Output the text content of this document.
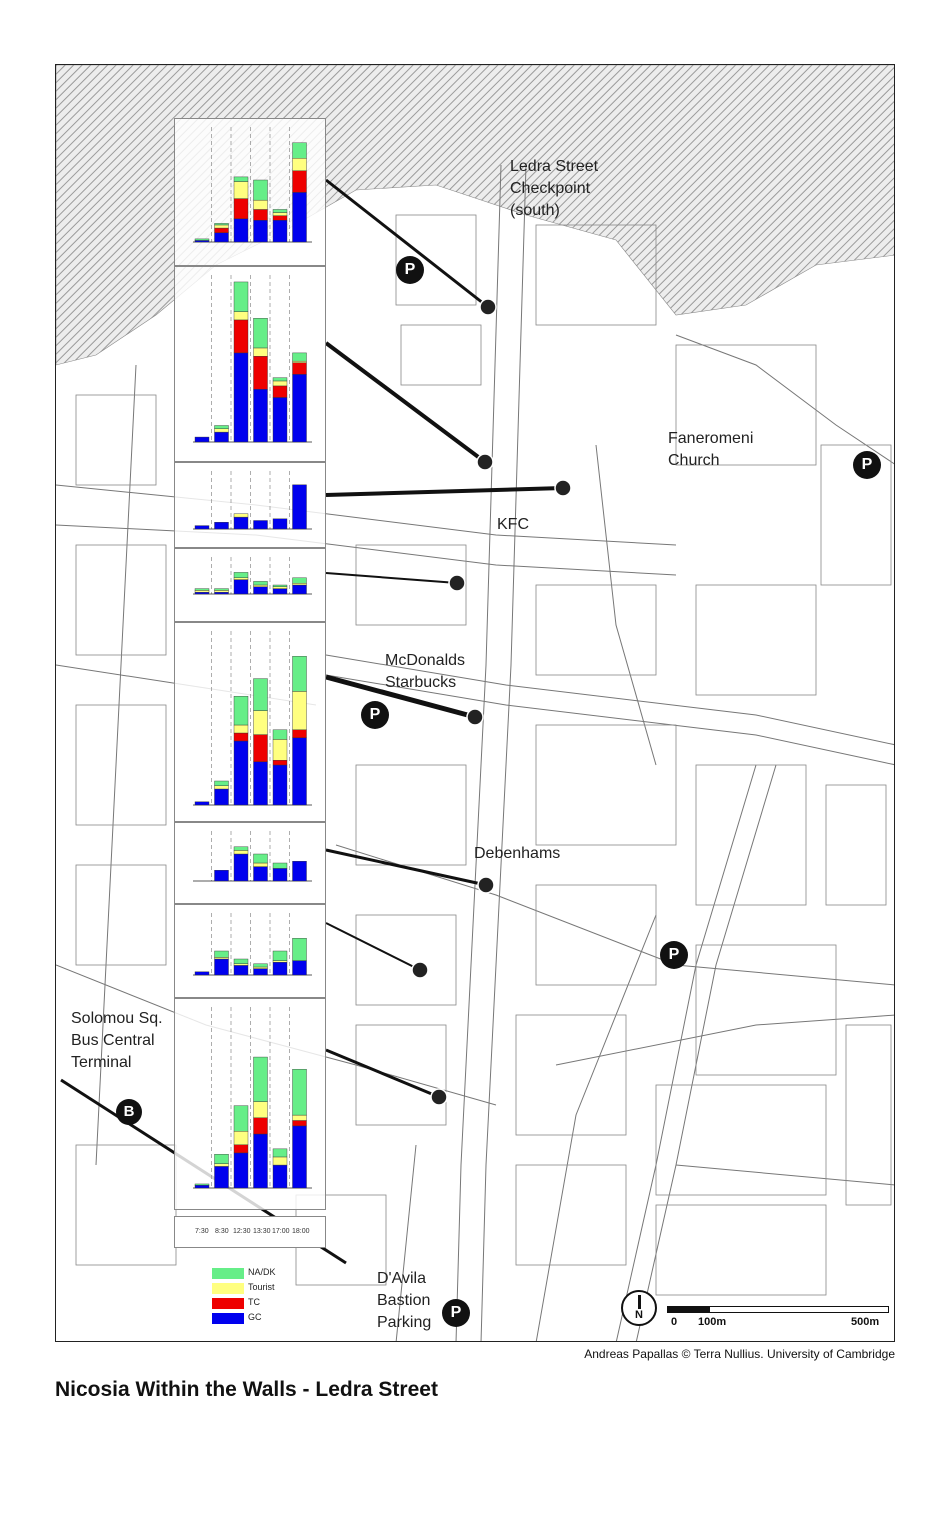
Ledra Street
Checkpoint
(south)
Faneromeni
Church
KFC
McDonalds
Starbucks
Debenhams
Solomou Sq.
Bus Central
Terminal
D'Avila
Bastion
Parking
P
P
P
P
P
B
7:30 8:30 12:30 13:30 17:00 18:00
NA/DK
Tourist
TC
GC	N
0 100m	500m
Andreas Papallas © Terra Nullius. University of Cambridge
Nicosia Within the Walls - Ledra Street
